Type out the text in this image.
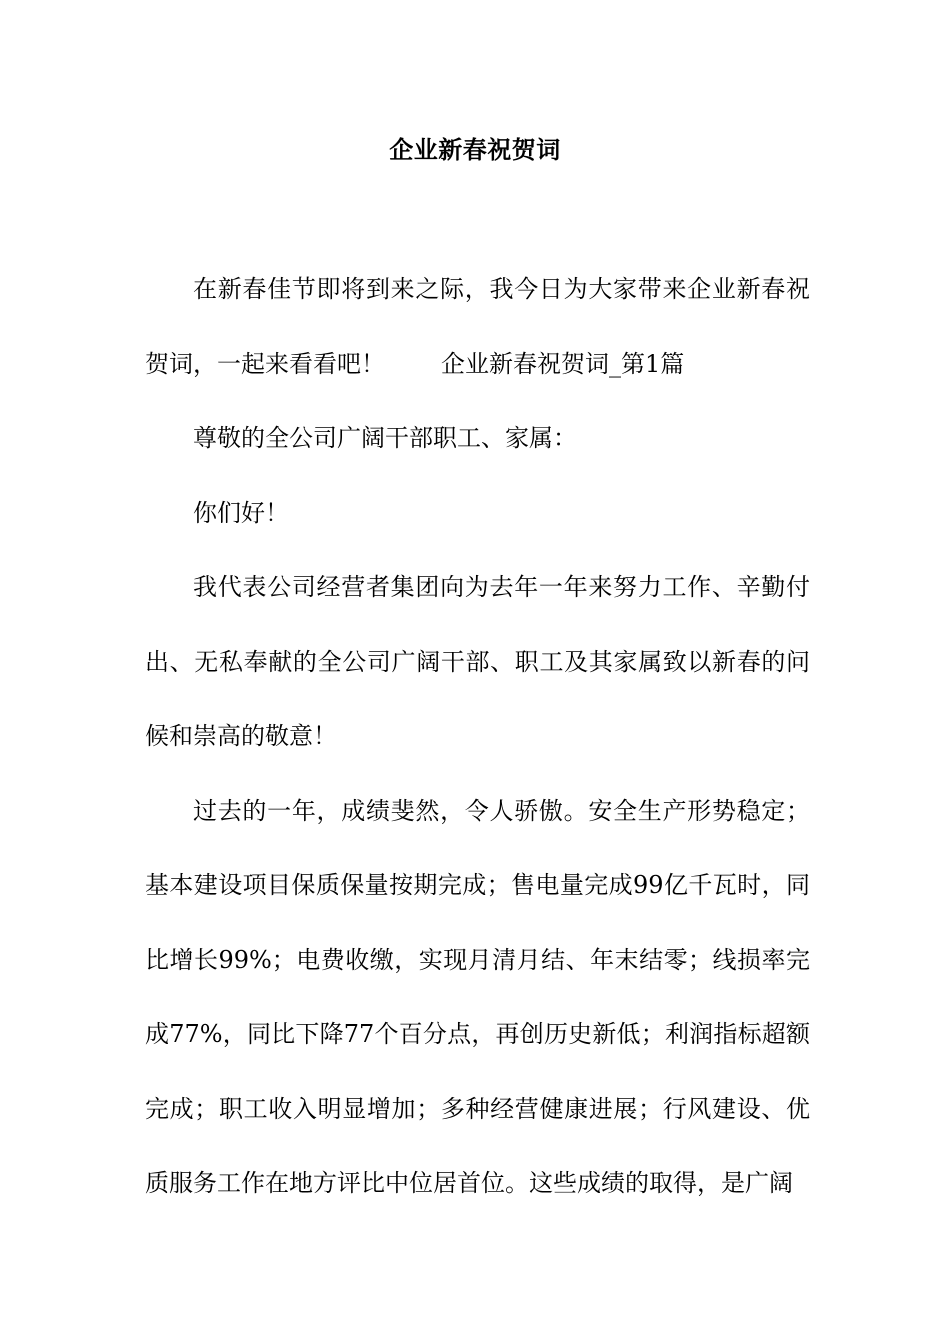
企业新春祝贺词

在新春佳节即将到来之际，我今日为大家带来企业新春祝贺词，一起来看看吧！ 企业新春祝贺词_第1篇

尊敬的全公司广阔干部职工、家属：

你们好！

我代表公司经营者集团向为去年一年来努力工作、辛勤付出、无私奉献的全公司广阔干部、职工及其家属致以新春的问候和崇高的敬意！

过去的一年，成绩斐然，令人骄傲。安全生产形势稳定；基本建设项目保质保量按期完成；售电量完成99亿千瓦时，同比增长99%；电费收缴，实现月清月结、年末结零；线损率完成77%，同比下降77个百分点，再创历史新低；利润指标超额完成；职工收入明显增加；多种经营健康进展；行风建设、优质服务工作在地方评比中位居首位。这些成绩的取得，是广阔
